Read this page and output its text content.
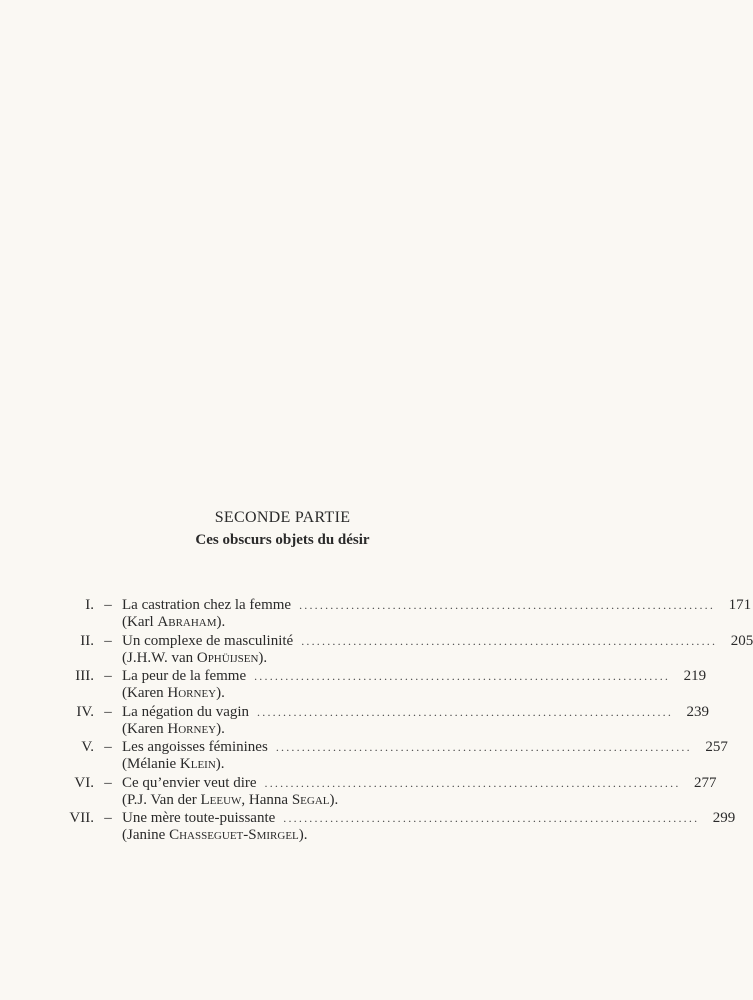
SECONDE PARTIE
Ces obscurs objets du désir
I. – La castration chez la femme ................................................................................ 171
(Karl Abraham).
II. – Un complexe de masculinité ................................................................................ 205
(J.H.W. van Ophüijsen).
III. – La peur de la femme ................................................................................ 219
(Karen Horney).
IV. – La négation du vagin ................................................................................ 239
(Karen Horney).
V. – Les angoisses féminines ................................................................................ 257
(Mélanie Klein).
VI. – Ce qu’envier veut dire ................................................................................ 277
(P.J. Van der Leeuw, Hanna Segal).
VII. – Une mère toute-puissante ................................................................................ 299
(Janine Chasseguet-Smirgel).
